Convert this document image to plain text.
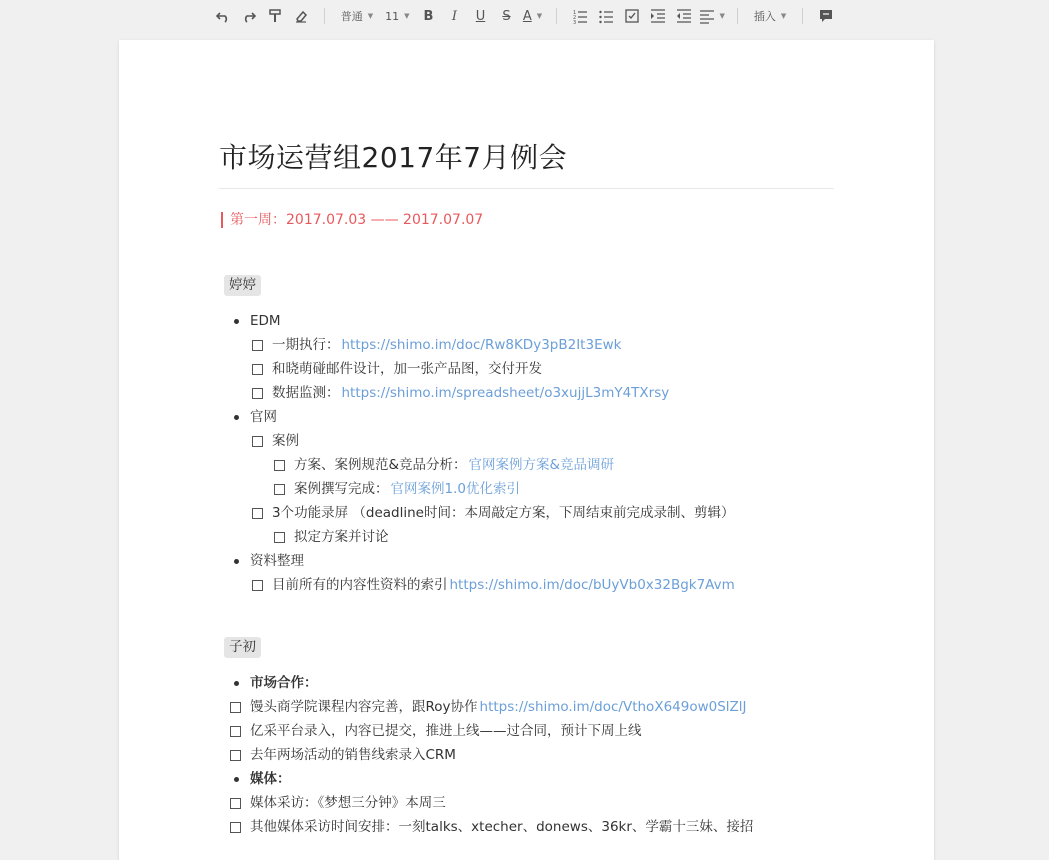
普通 ▼ 11 ▼	B	I	U	S A ▼	1
2
3
▼	插入 ▼
市场运营组2017年7月例会
第一周：2017.07.03 —— 2017.07.07
婷婷
EDM
一期执行： https://shimo.im/doc/Rw8KDy3pB2It3Ewk
和晓萌碰邮件设计，加一张产品图，交付开发
数据监测： https://shimo.im/spreadsheet/o3xujjL3mY4TXrsy
官网
案例
方案、案例规范&竞品分析： 官网案例方案&竞品调研
案例撰写完成： 官网案例1.0优化索引
3个功能录屏 （deadline时间：本周敲定方案，下周结束前完成录制、剪辑）
拟定方案并讨论
资料整理
目前所有的内容性资料的索引 https://shimo.im/doc/bUyVb0x32Bgk7Avm
子初
市场合作：
馒头商学院课程内容完善，跟Roy协作 https://shimo.im/doc/VthoX649ow0SlZlJ
亿采平台录入，内容已提交，推进上线——过合同，预计下周上线
去年两场活动的销售线索录入CRM
媒体：
媒体采访：《梦想三分钟》本周三
其他媒体采访时间安排：一刻talks、xtecher、donews、36kr、学霸十三妹、接招
